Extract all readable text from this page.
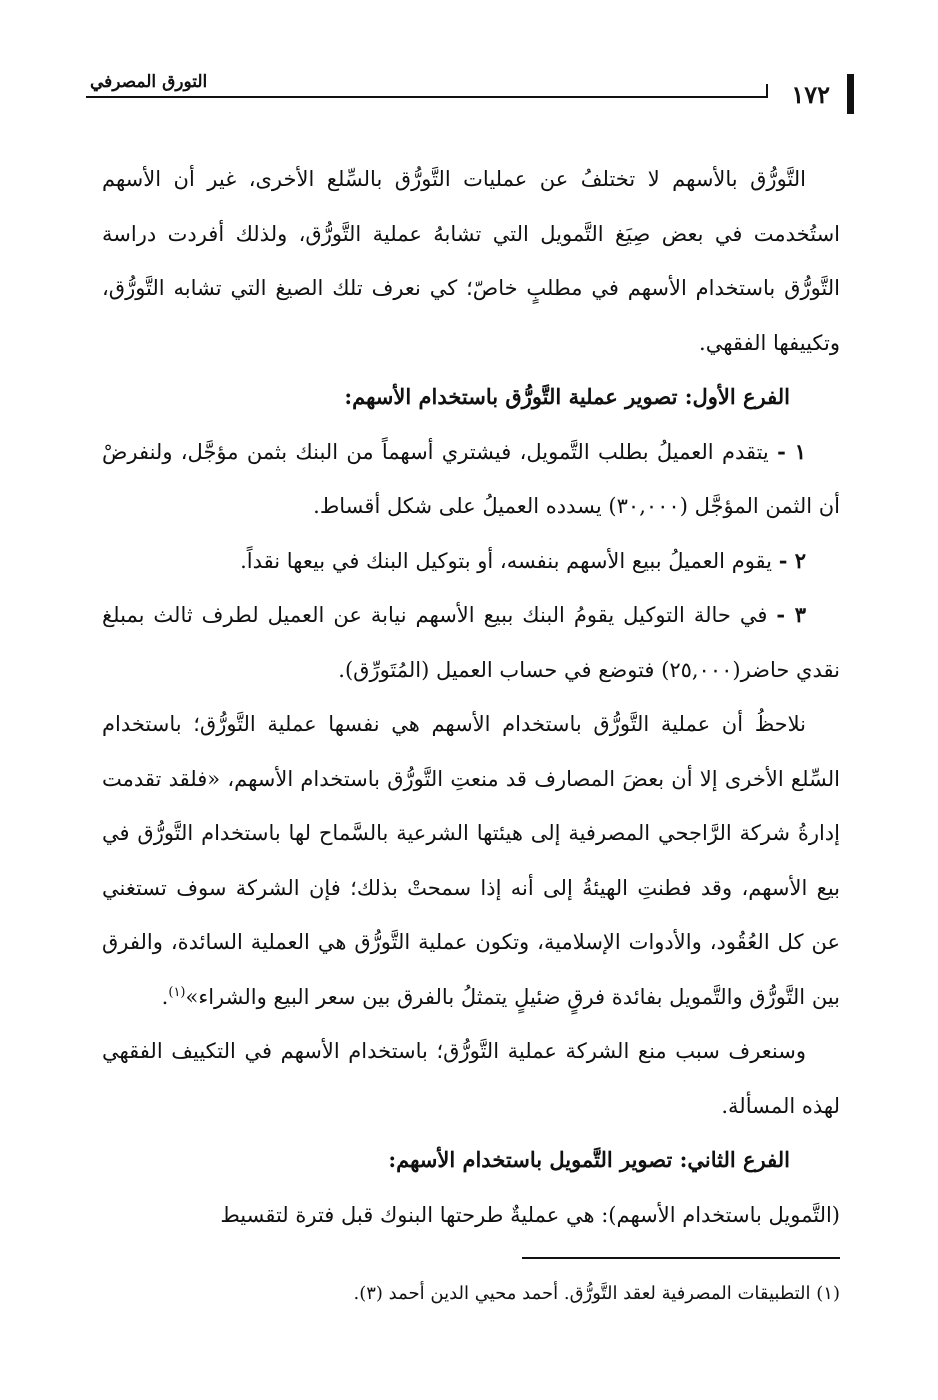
١٧٢
التورق المصرفي

التَّورُّق بالأسهم لا تختلفُ عن عمليات التَّورُّق بالسِّلع الأخرى، غير أن الأسهم استُخدمت في بعض صِيَغ التَّمويل التي تشابهُ عملية التَّورُّق، ولذلك أفردت دراسة التَّورُّق باستخدام الأسهم في مطلبٍ خاصّ؛ كي نعرف تلك الصيغ التي تشابه التَّورُّق، وتكييفها الفقهي.

الفرع الأول: تصوير عملية التَّورُّق باستخدام الأسهم:

١ - يتقدم العميلُ بطلب التَّمويل، فيشتري أسهماً من البنك بثمن مؤجَّل، ولنفرضْ أن الثمن المؤجَّل (٣٠,٠٠٠) يسدده العميلُ على شكل أقساط.

٢ - يقوم العميلُ ببيع الأسهم بنفسه، أو بتوكيل البنك في بيعها نقداً.

٣ - في حالة التوكيل يقومُ البنك ببيع الأسهم نيابة عن العميل لطرف ثالث بمبلغ نقدي حاضر(٢٥,٠٠٠) فتوضع في حساب العميل (المُتَورِّق).

نلاحظُ أن عملية التَّورُّق باستخدام الأسهم هي نفسها عملية التَّورُّق؛ باستخدام السِّلع الأخرى إلا أن بعضَ المصارف قد منعتِ التَّورُّق باستخدام الأسهم، «فلقد تقدمت إدارةُ شركة الرَّاجحي المصرفية إلى هيئتها الشرعية بالسَّماح لها باستخدام التَّورُّق في بيع الأسهم، وقد فطنتِ الهيئةُ إلى أنه إذا سمحتْ بذلك؛ فإن الشركة سوف تستغني عن كل العُقُود، والأدوات الإسلامية، وتكون عملية التَّورُّق هي العملية السائدة، والفرق بين التَّورُّق والتَّمويل بفائدة فرقٍ ضئيلٍ يتمثلُ بالفرق بين سعر البيع والشراء»$^{(١)}$.

وسنعرف سبب منع الشركة عملية التَّورُّق؛ باستخدام الأسهم في التكييف الفقهي لهذه المسألة.

الفرع الثاني: تصوير التَّمويل باستخدام الأسهم:

(التَّمويل باستخدام الأسهم): هي عمليةٌ طرحتها البنوك قبل فترة لتقسيط

(١) التطبيقات المصرفية لعقد التَّورُّق. أحمد محيي الدين أحمد (٣).
